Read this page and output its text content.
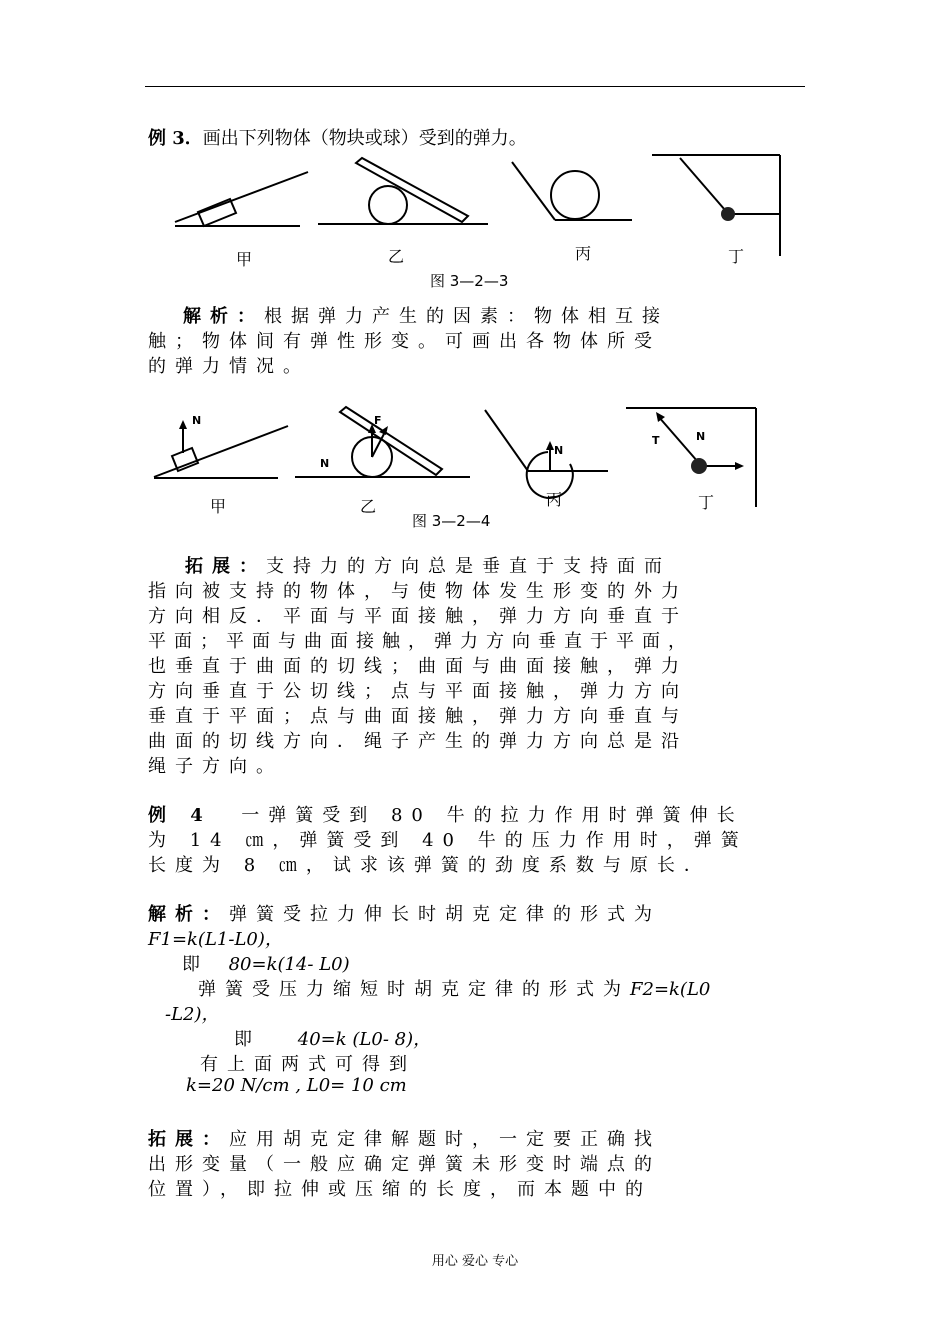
例 3．画出下列物体（物块或球）受到的弹力。
甲	乙	丙	丁
图 3—2—3
解析：根据弹力产生的因素：物体相互接
触；物体间有弹性形变。可画出各物体所受
的弹力情况。
N
N
F
N
T	N
甲	乙	丙	丁
图 3—2—4
拓展：支持力的方向总是垂直于支持面而
指向被支持的物体，与使物体发生形变的外力
方向相反．平面与平面接触，弹力方向垂直于
平面；平面与曲面接触，弹力方向垂直于平面，
也垂直于曲面的切线；曲面与曲面接触，弹力
方向垂直于公切线；点与平面接触，弹力方向
垂直于平面；点与曲面接触，弹力方向垂直与
曲面的切线方向．绳子产生的弹力方向总是沿
绳子方向。
例 4 一弹簧受到 80 牛的拉力作用时弹簧伸长
为 14 ㎝，弹簧受到 40 牛的压力作用时，弹簧
长度为 8 ㎝，试求该弹簧的劲度系数与原长．
解析：弹簧受拉力伸长时胡克定律的形式为
F1=k(L1-L0)，
即 80=k(14- L0)
弹簧受压力缩短时胡克定律的形式为F2=k(L0
-L2)，
即	40=k (L0- 8)，
有上面两式可得到
k=20 N/cm , L0= 10 cm
拓展：应用胡克定律解题时，一定要正确找
出形变量（一般应确定弹簧未形变时端点的
位置），即拉伸或压缩的长度，而本题中的
用心 爱心 专心
